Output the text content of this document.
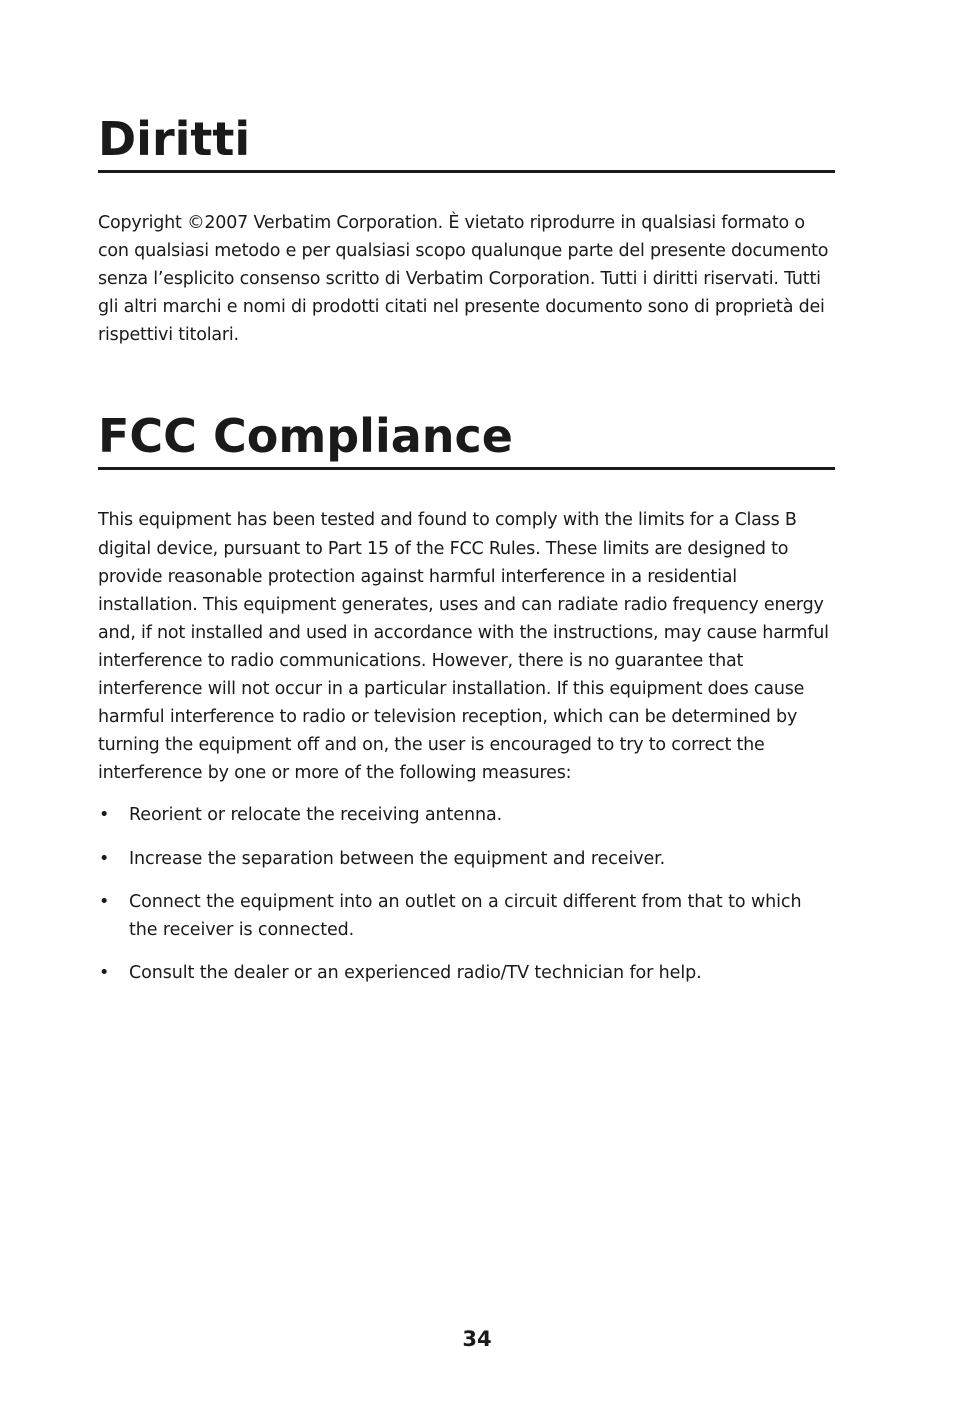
Diritti

Copyright ©2007 Verbatim Corporation. È vietato riprodurre in qualsiasi formato o con qualsiasi metodo e per qualsiasi scopo qualunque parte del presente documento senza l’esplicito consenso scritto di Verbatim Corporation. Tutti i diritti riservati. Tutti gli altri marchi e nomi di prodotti citati nel presente documento sono di proprietà dei rispettivi titolari.

FCC Compliance

This equipment has been tested and found to comply with the limits for a Class B digital device, pursuant to Part 15 of the FCC Rules. These limits are designed to provide reasonable protection against harmful interference in a residential installation. This equipment generates, uses and can radiate radio frequency energy and, if not installed and used in accordance with the instructions, may cause harmful interference to radio communications. However, there is no guarantee that interference will not occur in a particular installation. If this equipment does cause harmful interference to radio or television reception, which can be determined by turning the equipment off and on, the user is encouraged to try to correct the interference by one or more of the following measures:

•	Reorient or relocate the receiving antenna.
•	Increase the separation between the equipment and receiver.
•	Connect the equipment into an outlet on a circuit different from that to which the receiver is connected.
•	Consult the dealer or an experienced radio/TV technician for help.
34
